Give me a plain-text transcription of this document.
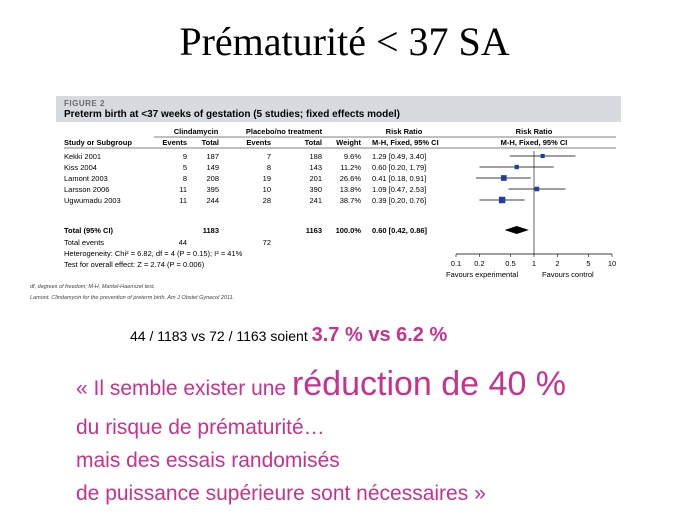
Prématurité < 37 SA
FIGURE 2
Preterm birth at <37 weeks of gestation (5 studies; fixed effects model)
Clindamycin	Placebo/no treatment	Risk Ratio	Risk Ratio
Study or Subgroup	Events Total	Events	Total Weight M-H, Fixed, 95% CI	M-H, Fixed, 95% CI
Kekki 2001	9	187	7	188	9.6% 1.29 [0.49, 3.40]
Kiss 2004	5	149	8	143 11.2% 0.60 [0.20, 1.79]
Lamont 2003	8	208	19	201 26.6% 0.41 [0.18, 0.91]
Larsson 2006	11	395	10	390 13.8% 1.09 [0.47, 2.53]
Ugwumadu 2003	11	244	28	241 38.7% 0.39 [0.20, 0.76]
Total (95% CI)	1183	1163 100.0% 0.60 [0.42, 0.86]
Total events	44	72
Heterogeneity: Chi² = 6.82, df = 4 (P = 0.15); I² = 41%
Test for overall effect: Z = 2.74 (P = 0.006)	0.1 0.2	0.5 1	2	5 10
Favours experimental	Favours control
df, degrees of freedom; M-H, Mantel-Haenszel test.
Lamont. Clindamycin for the prevention of preterm birth. Am J Obstet Gynecol 2011.
44 / 1183 vs 72 / 1163 soient 3.7 % vs 6.2 %
« Il semble exister une réduction de 40 %
du risque de prématurité…
mais des essais randomisés
de puissance supérieure sont nécessaires »
